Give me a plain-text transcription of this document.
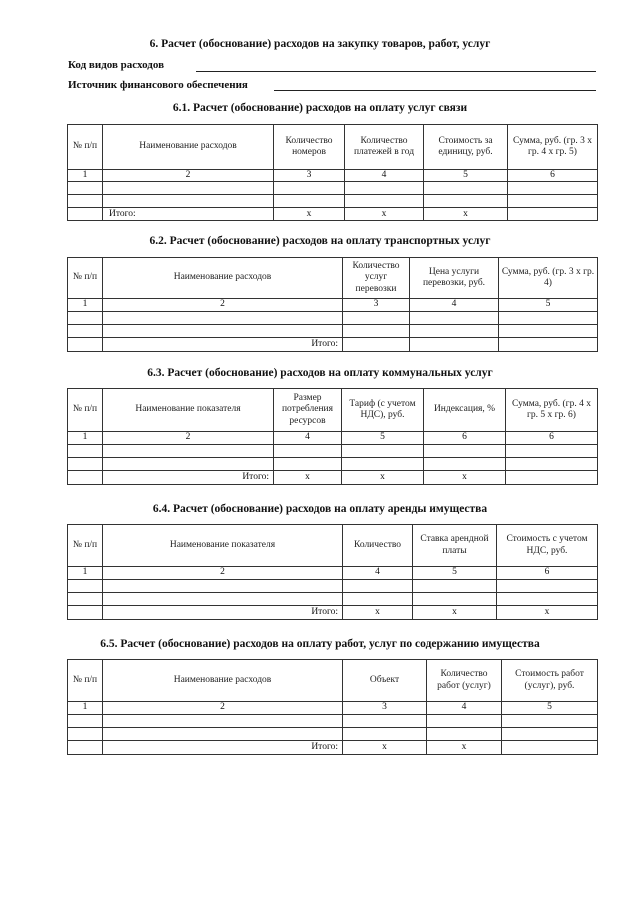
6. Расчет (обоснование) расходов на закупку товаров, работ, услуг
Код видов расходов
Источник финансового обеспечения
6.1. Расчет (обоснование) расходов на оплату услуг связи
№ п/п	Наименование расходов	Количество номеров	Количество платежей в год	Стоимость за единицу, руб.	Сумма, руб. (гр. 3 х гр. 4 х гр. 5)
1	2	3	4	5	6

	Итого:	x	x	x	
6.2. Расчет (обоснование) расходов на оплату транспортных услуг
№ п/п	Наименование расходов	Количество услуг перевозки	Цена услуги перевозки, руб.	Сумма, руб. (гр. 3 х гр. 4)
1	2	3	4	5

	Итого:			
6.3. Расчет (обоснование) расходов на оплату коммунальных услуг
№ п/п	Наименование показателя	Размер потребления ресурсов	Тариф (с учетом НДС), руб.	Индексация, %	Сумма, руб. (гр. 4 х гр. 5 х гр. 6)
1	2	4	5	6	6

	Итого:	x	x	x	
6.4. Расчет (обоснование) расходов на оплату аренды имущества
№ п/п	Наименование показателя	Количество	Ставка арендной платы	Стоимость с учетом НДС, руб.
1	2	4	5	6

	Итого:	x	x	x
6.5. Расчет (обоснование) расходов на оплату работ, услуг по содержанию имущества
№ п/п	Наименование расходов	Объект	Количество работ (услуг)	Стоимость работ (услуг), руб.
1	2	3	4	5

	Итого:	x	x	
